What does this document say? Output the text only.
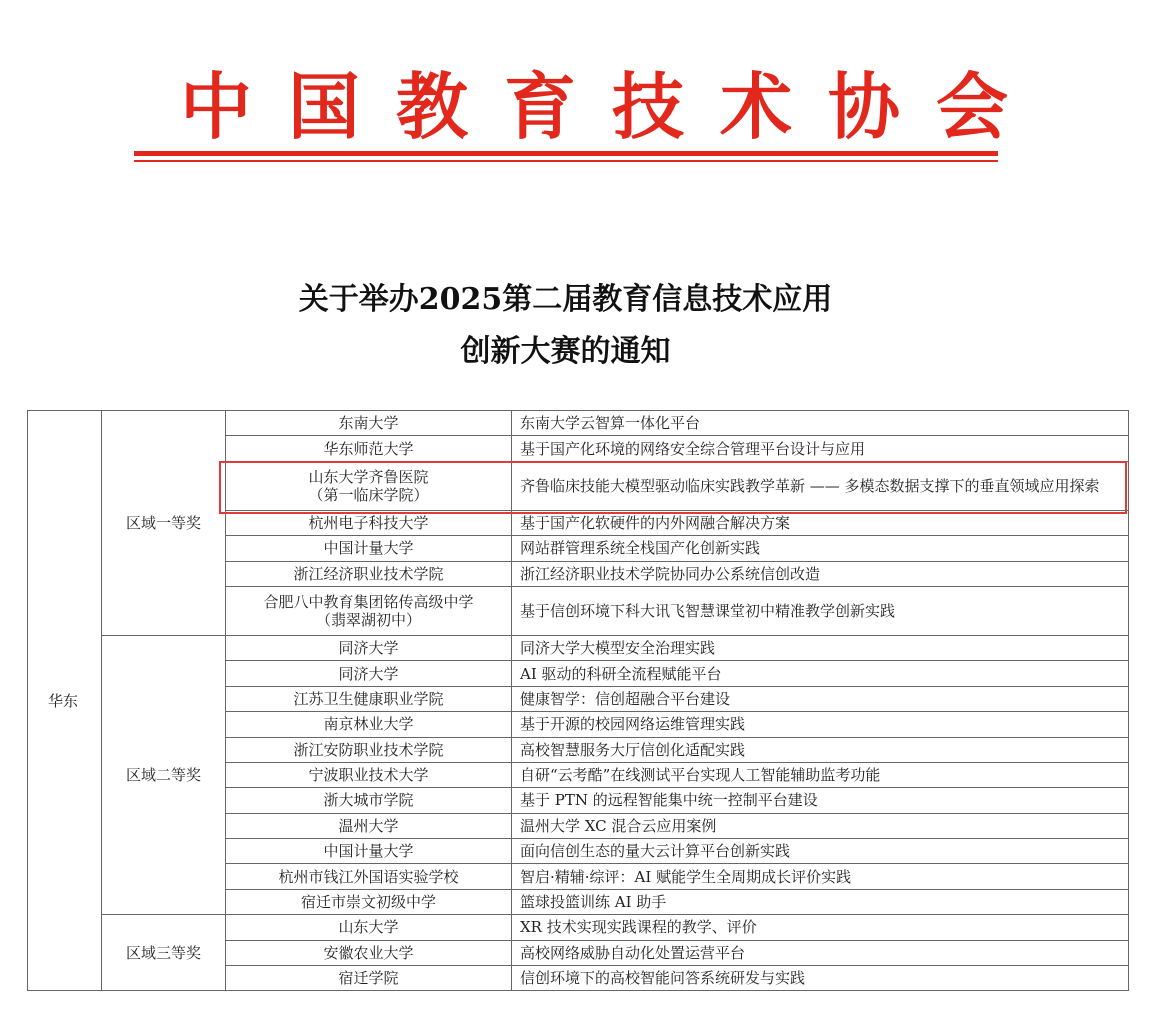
中国教育技术协会
关于举办2025第二届教育信息技术应用
创新大赛的通知
华东	区域一等奖	东南大学	东南大学云智算一体化平台

		华东师范大学	基于国产化环境的网络安全综合管理平台设计与应用

		山东大学齐鲁医院
（第一临床学院）	齐鲁临床技能大模型驱动临床实践教学革新 —— 多模态数据支撑下的垂直领域应用探索

		杭州电子科技大学	基于国产化软硬件的内外网融合解决方案

		中国计量大学	网站群管理系统全栈国产化创新实践

		浙江经济职业技术学院	浙江经济职业技术学院协同办公系统信创改造

		合肥八中教育集团铭传高级中学
（翡翠湖初中）	基于信创环境下科大讯飞智慧课堂初中精准教学创新实践
	区域二等奖	同济大学	同济大学大模型安全治理实践

		同济大学	AI 驱动的科研全流程赋能平台

		江苏卫生健康职业学院	健康智学：信创超融合平台建设

		南京林业大学	基于开源的校园网络运维管理实践

		浙江安防职业技术学院	高校智慧服务大厅信创化适配实践

		宁波职业技术大学	自研“云考酷”在线测试平台实现人工智能辅助监考功能

		浙大城市学院	基于 PTN 的远程智能集中统一控制平台建设

		温州大学	温州大学 XC 混合云应用案例

		中国计量大学	面向信创生态的量大云计算平台创新实践

		杭州市钱江外国语实验学校	智启·精辅·综评：AI 赋能学生全周期成长评价实践

		宿迁市崇文初级中学	篮球投篮训练 AI 助手
	区域三等奖	山东大学	XR 技术实现实践课程的教学、评价

		安徽农业大学	高校网络威胁自动化处置运营平台

		宿迁学院	信创环境下的高校智能问答系统研发与实践
